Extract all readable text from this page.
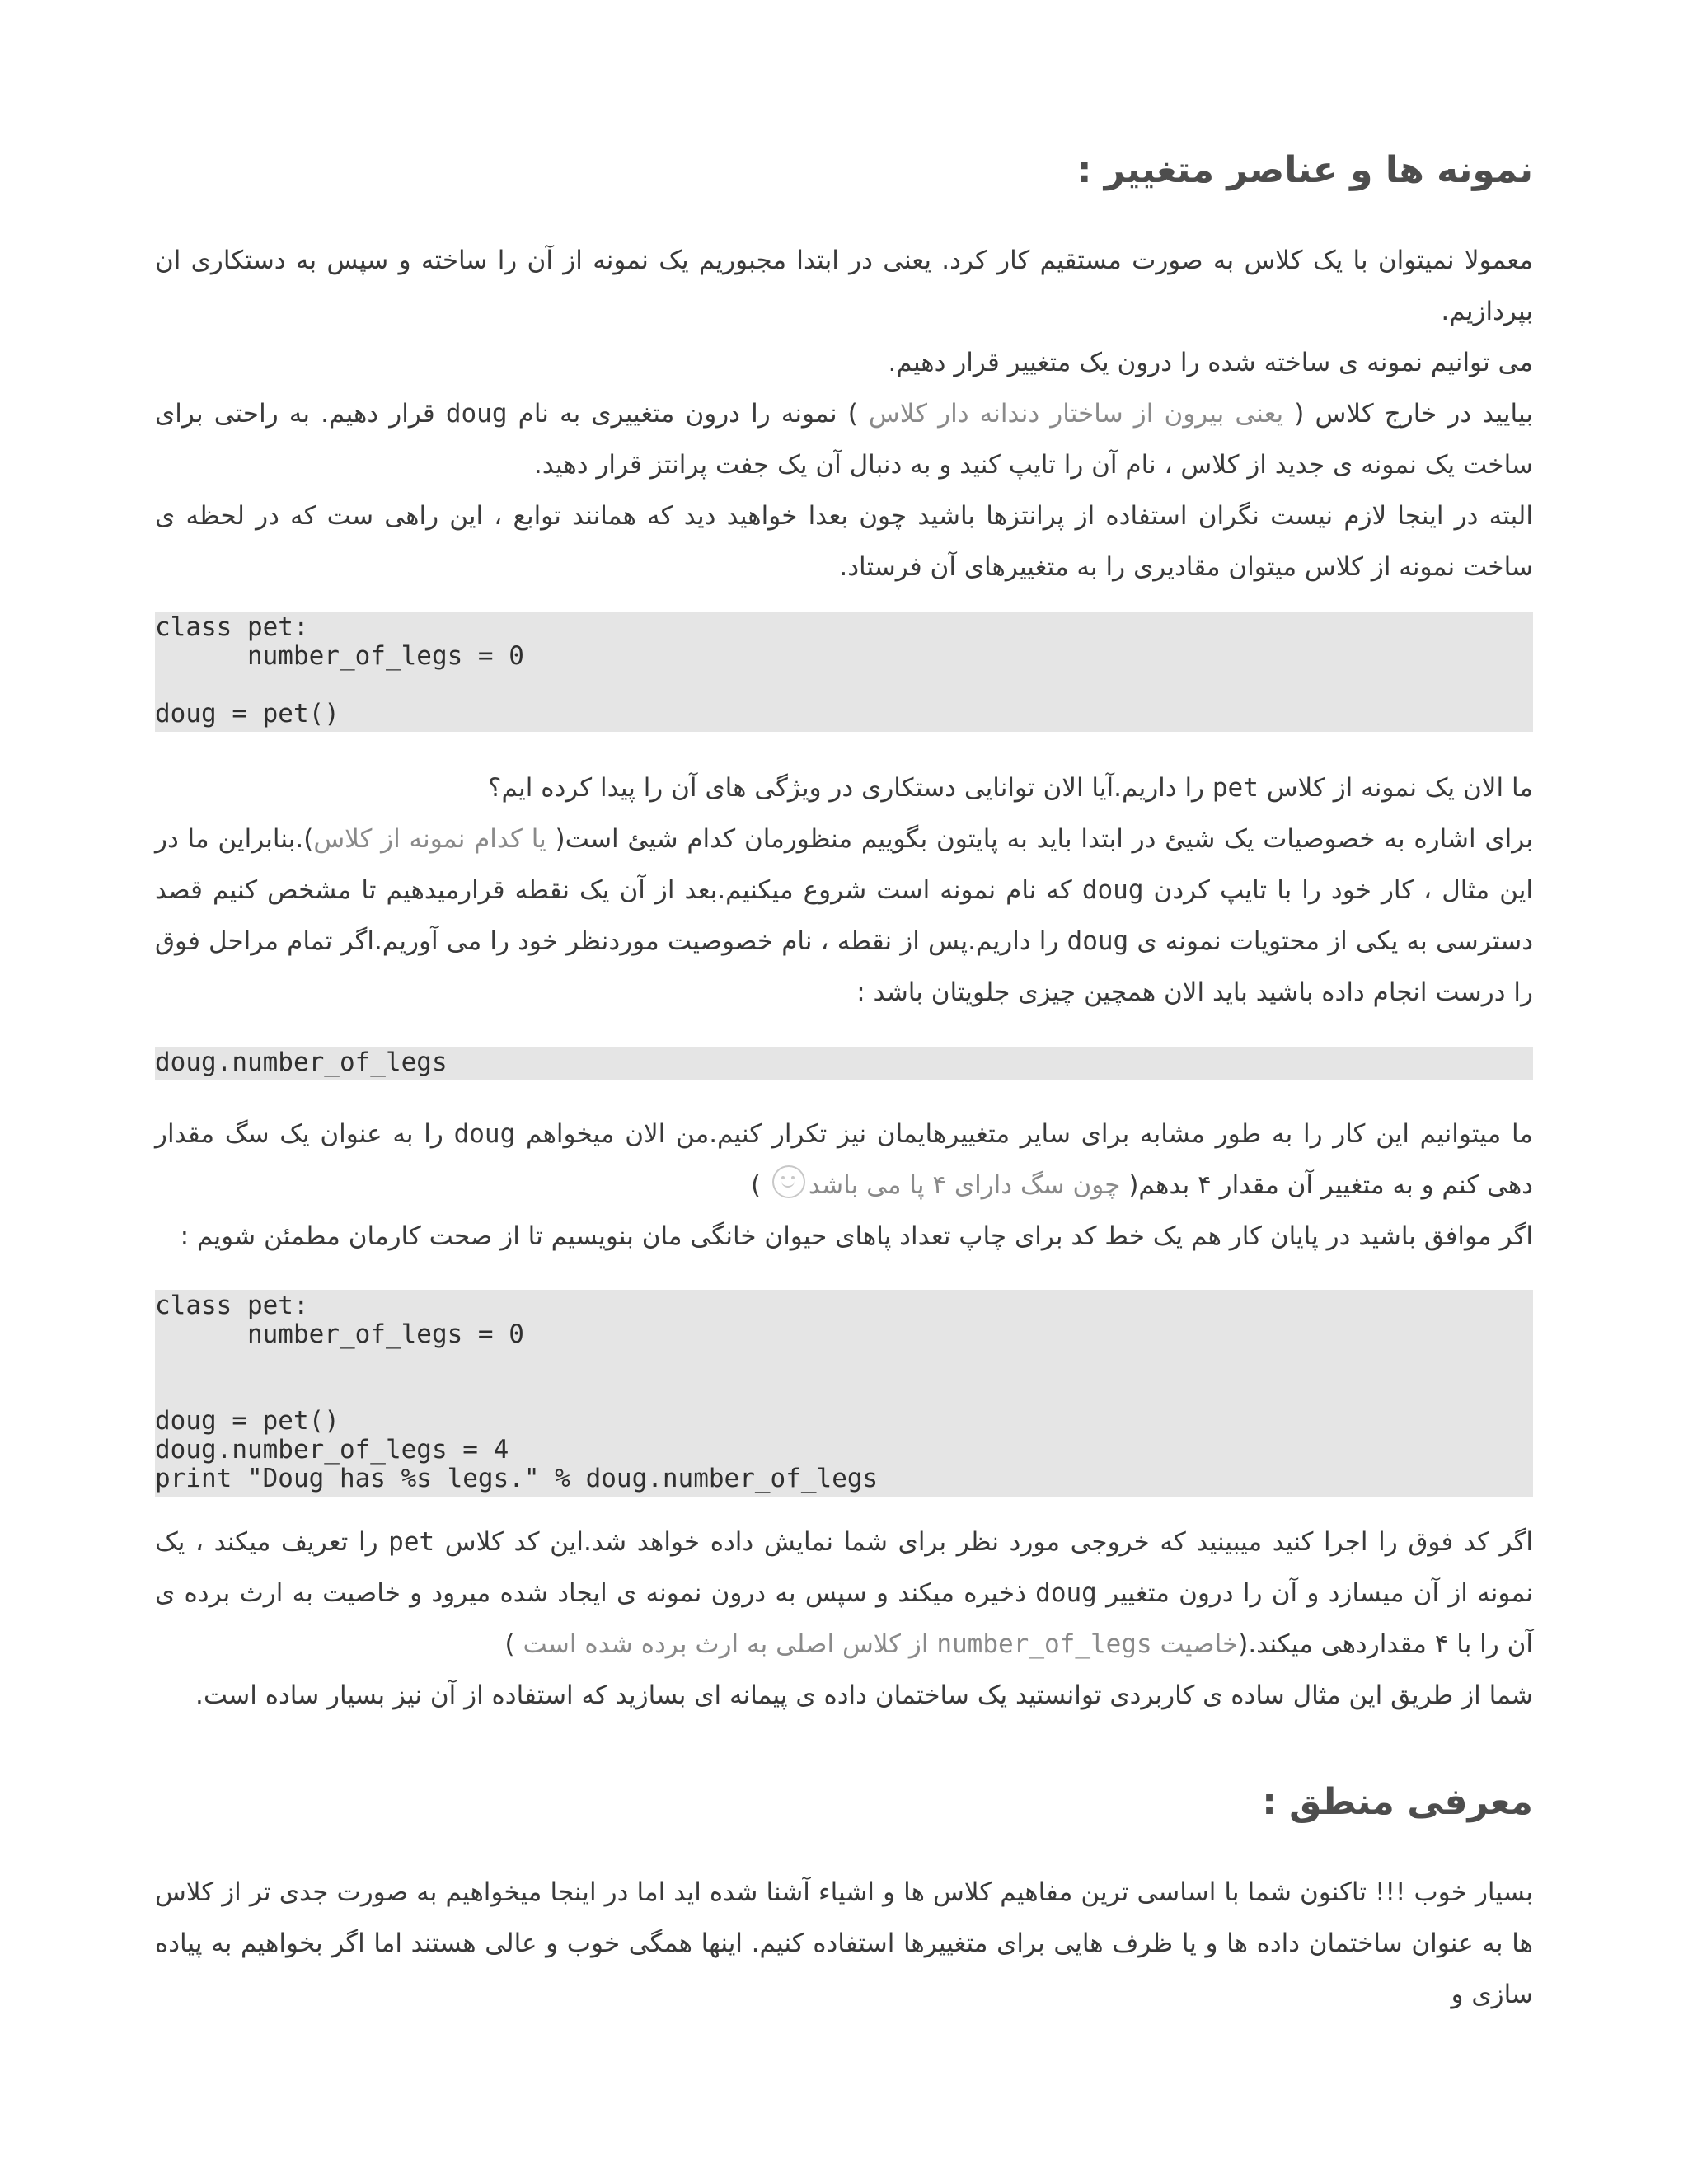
نمونه ها و عناصر متغییر :

معمولا نمیتوان با یک کلاس به صورت مستقیم کار کرد. یعنی در ابتدا مجبوریم یک نمونه از آن را ساخته و سپس به دستکاری ان بپردازیم.

می توانیم نمونه ی ساخته شده را درون یک متغییر قرار دهیم.

بیایید در خارج کلاس ( یعنی بیرون از ساختار دندانه دار کلاس ) نمونه را درون متغییری به نام doug قرار دهیم. به راحتی برای ساخت یک نمونه ی جدید از کلاس ، نام آن را تایپ کنید و به دنبال آن یک جفت پرانتز قرار دهید.

البته در اینجا لازم نیست نگران استفاده از پرانتزها باشید چون بعدا خواهید دید که همانند توابع ، این راهی ست که در لحظه ی ساخت نمونه از کلاس میتوان مقادیری را به متغییرهای آن فرستاد.

class pet:
number_of_legs = 0

doug = pet()

ما الان یک نمونه از کلاس pet را داریم.آیا الان توانایی دستکاری در ویژگی های آن را پیدا کرده ایم؟

برای اشاره به خصوصیات یک شیئ در ابتدا باید به پایتون بگوییم منظورمان کدام شیئ است( یا کدام نمونه از کلاس).بنابراین ما در این مثال ، کار خود را با تایپ کردن doug که نام نمونه است شروع میکنیم.بعد از آن یک نقطه قرارمیدهیم تا مشخص کنیم قصد دسترسی به یکی از محتویات نمونه ی doug را داریم.پس از نقطه ، نام خصوصیت موردنظر خود را می آوریم.اگر تمام مراحل فوق را درست انجام داده باشید باید الان همچین چیزی جلویتان باشد :

doug.number_of_legs

ما میتوانیم این کار را به طور مشابه برای سایر متغییرهایمان نیز تکرار کنیم.من الان میخواهم doug را به عنوان یک سگ مقدار دهی کنم و به متغییر آن مقدار ۴ بدهم( چون سگ دارای ۴ پا می باشد )

اگر موافق باشید در پایان کار هم یک خط کد برای چاپ تعداد پاهای حیوان خانگی مان بنویسیم تا از صحت کارمان مطمئن شویم :

class pet:
number_of_legs = 0

doug = pet()
doug.number_of_legs = 4
print "Doug has %s legs." % doug.number_of_legs

اگر کد فوق را اجرا کنید میبینید که خروجی مورد نظر برای شما نمایش داده خواهد شد.این کد کلاس pet را تعریف میکند ، یک نمونه از آن میسازد و آن را درون متغییر doug ذخیره میکند و سپس به درون نمونه ی ایجاد شده میرود و خاصیت به ارث برده ی آن را با ۴ مقداردهی میکند.(خاصیت number_of_legs از کلاس اصلی به ارث برده شده است )

شما از طریق این مثال ساده ی کاربردی توانستید یک ساختمان داده ی پیمانه ای بسازید که استفاده از آن نیز بسیار ساده است.

معرفی منطق :

بسیار خوب !!! تاکنون شما با اساسی ترین مفاهیم کلاس ها و اشیاء آشنا شده اید اما در اینجا میخواهیم به صورت جدی تر از کلاس ها به عنوان ساختمان داده ها و یا ظرف هایی برای متغییرها استفاده کنیم. اینها همگی خوب و عالی هستند اما اگر بخواهیم به پیاده سازی و
